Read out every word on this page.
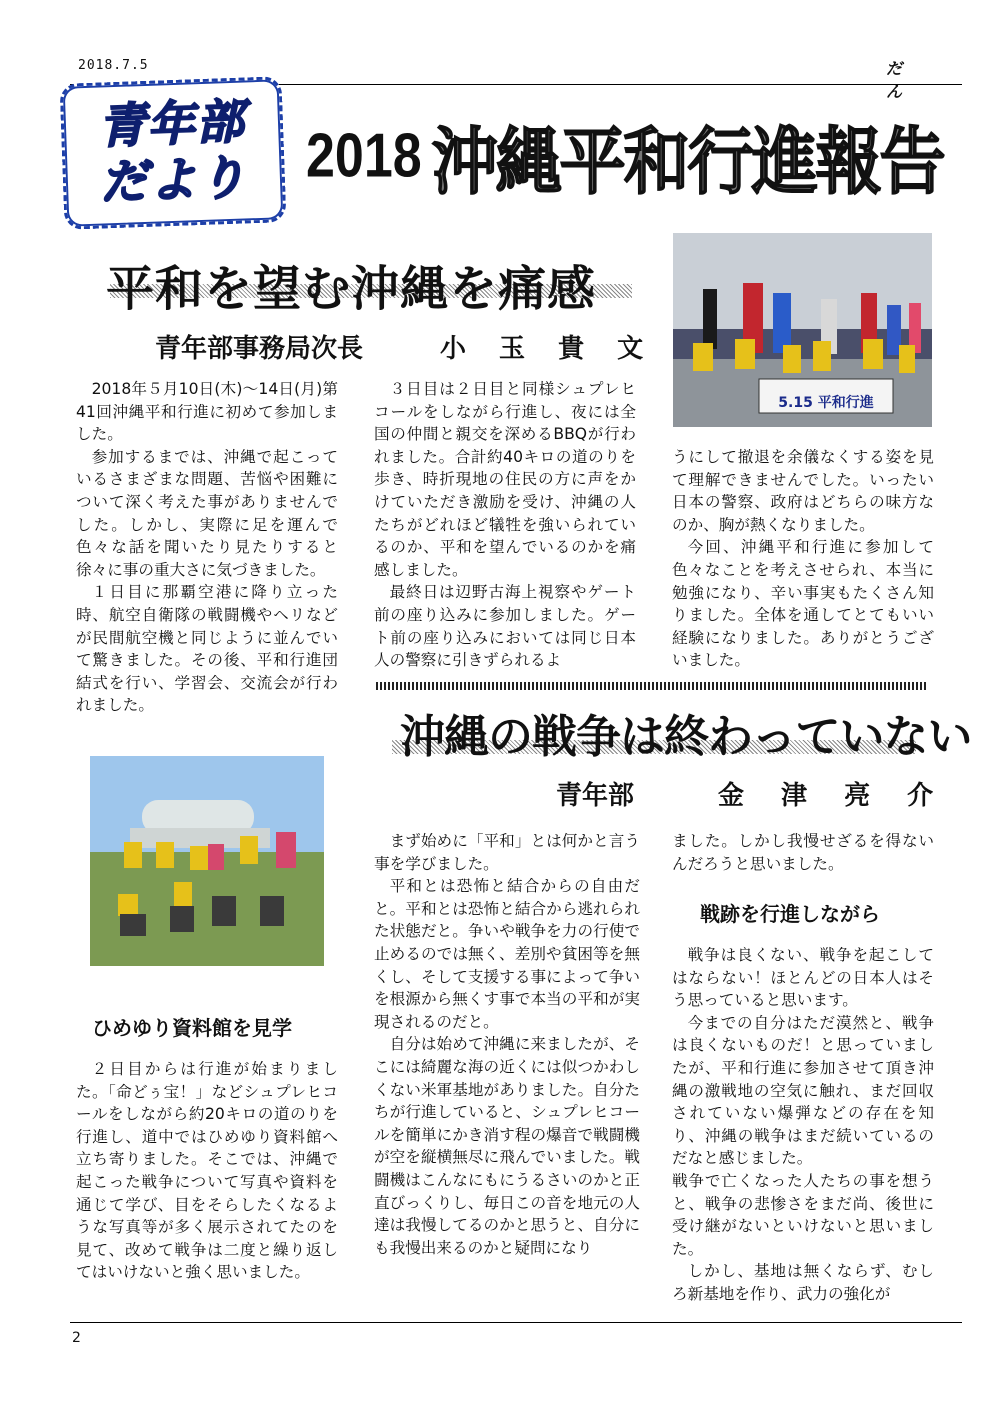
2018.7.5	だ ん
青年部
だより 2018 沖縄平和行進報告
平和を望む沖縄を痛感
青年部事務局次長	小 玉 貴 文

2018年５月10日(木)～14日(月)第41回沖縄平和行進に初めて参加しました。

参加するまでは、沖縄で起こっているさまざまな問題、苦悩や困難について深く考えた事がありませんでした。しかし、実際に足を運んで色々な話を聞いたり見たりすると徐々に事の重大さに気づきました。

１日目に那覇空港に降り立った時、航空自衛隊の戦闘機やヘリなどが民間航空機と同じように並んでいて驚きました。その後、平和行進団結式を行い、学習会、交流会が行われました。

３日目は２日目と同様シュプレヒコールをしながら行進し、夜には全国の仲間と親交を深めるBBQが行われました。合計約40キロの道のりを歩き、時折現地の住民の方に声をかけていただき激励を受け、沖縄の人たちがどれほど犠牲を強いられているのか、平和を望んでいるのかを痛感しました。

最終日は辺野古海上視察やゲート前の座り込みに参加しました。ゲート前の座り込みにおいては同じ日本人の警察に引きずられるよ

5.15 平和行進

うにして撤退を余儀なくする姿を見て理解できませんでした。いったい日本の警察、政府はどちらの味方なのか、胸が熱くなりました。

今回、沖縄平和行進に参加して色々なことを考えさせられ、本当に勉強になり、辛い事実もたくさん知りました。全体を通してとてもいい経験になりました。ありがとうございました。

ひめゆり資料館を見学

２日目からは行進が始まりました。「命どぅ宝！」などシュプレヒコールをしながら約20キロの道のりを行進し、道中ではひめゆり資料館へ立ち寄りました。そこでは、沖縄で起こった戦争について写真や資料を通じて学び、目をそらしたくなるような写真等が多く展示されてたのを見て、改めて戦争は二度と繰り返してはいけないと強く思いました。

沖縄の戦争は終わっていない
青年部	金 津 亮 介

まず始めに「平和」とは何かと言う事を学びました。

平和とは恐怖と結合からの自由だと。平和とは恐怖と結合から逃れられた状態だと。争いや戦争を力の行使で止めるのでは無く、差別や貧困等を無くし、そして支援する事によって争いを根源から無くす事で本当の平和が実現されるのだと。

自分は始めて沖縄に来ましたが、そこには綺麗な海の近くには似つかわしくない米軍基地がありました。自分たちが行進していると、シュプレヒコールを簡単にかき消す程の爆音で戦闘機が空を縦横無尽に飛んでいました。戦闘機はこんなにもにうるさいのかと正直びっくりし、毎日この音を地元の人達は我慢してるのかと思うと、自分にも我慢出来るのかと疑問になり

ました。しかし我慢せざるを得ないんだろうと思いました。

戦跡を行進しながら

戦争は良くない、戦争を起こしてはならない！ほとんどの日本人はそう思っていると思います。

今までの自分はただ漠然と、戦争は良くないものだ！と思っていましたが、平和行進に参加させて頂き沖縄の激戦地の空気に触れ、まだ回収されていない爆弾などの存在を知り、沖縄の戦争はまだ続いているのだなと感じました。

戦争で亡くなった人たちの事を想うと、戦争の悲惨さをまだ尚、後世に受け継がないといけないと思いました。

しかし、基地は無くならず、むしろ新基地を作り、武力の強化が

2
